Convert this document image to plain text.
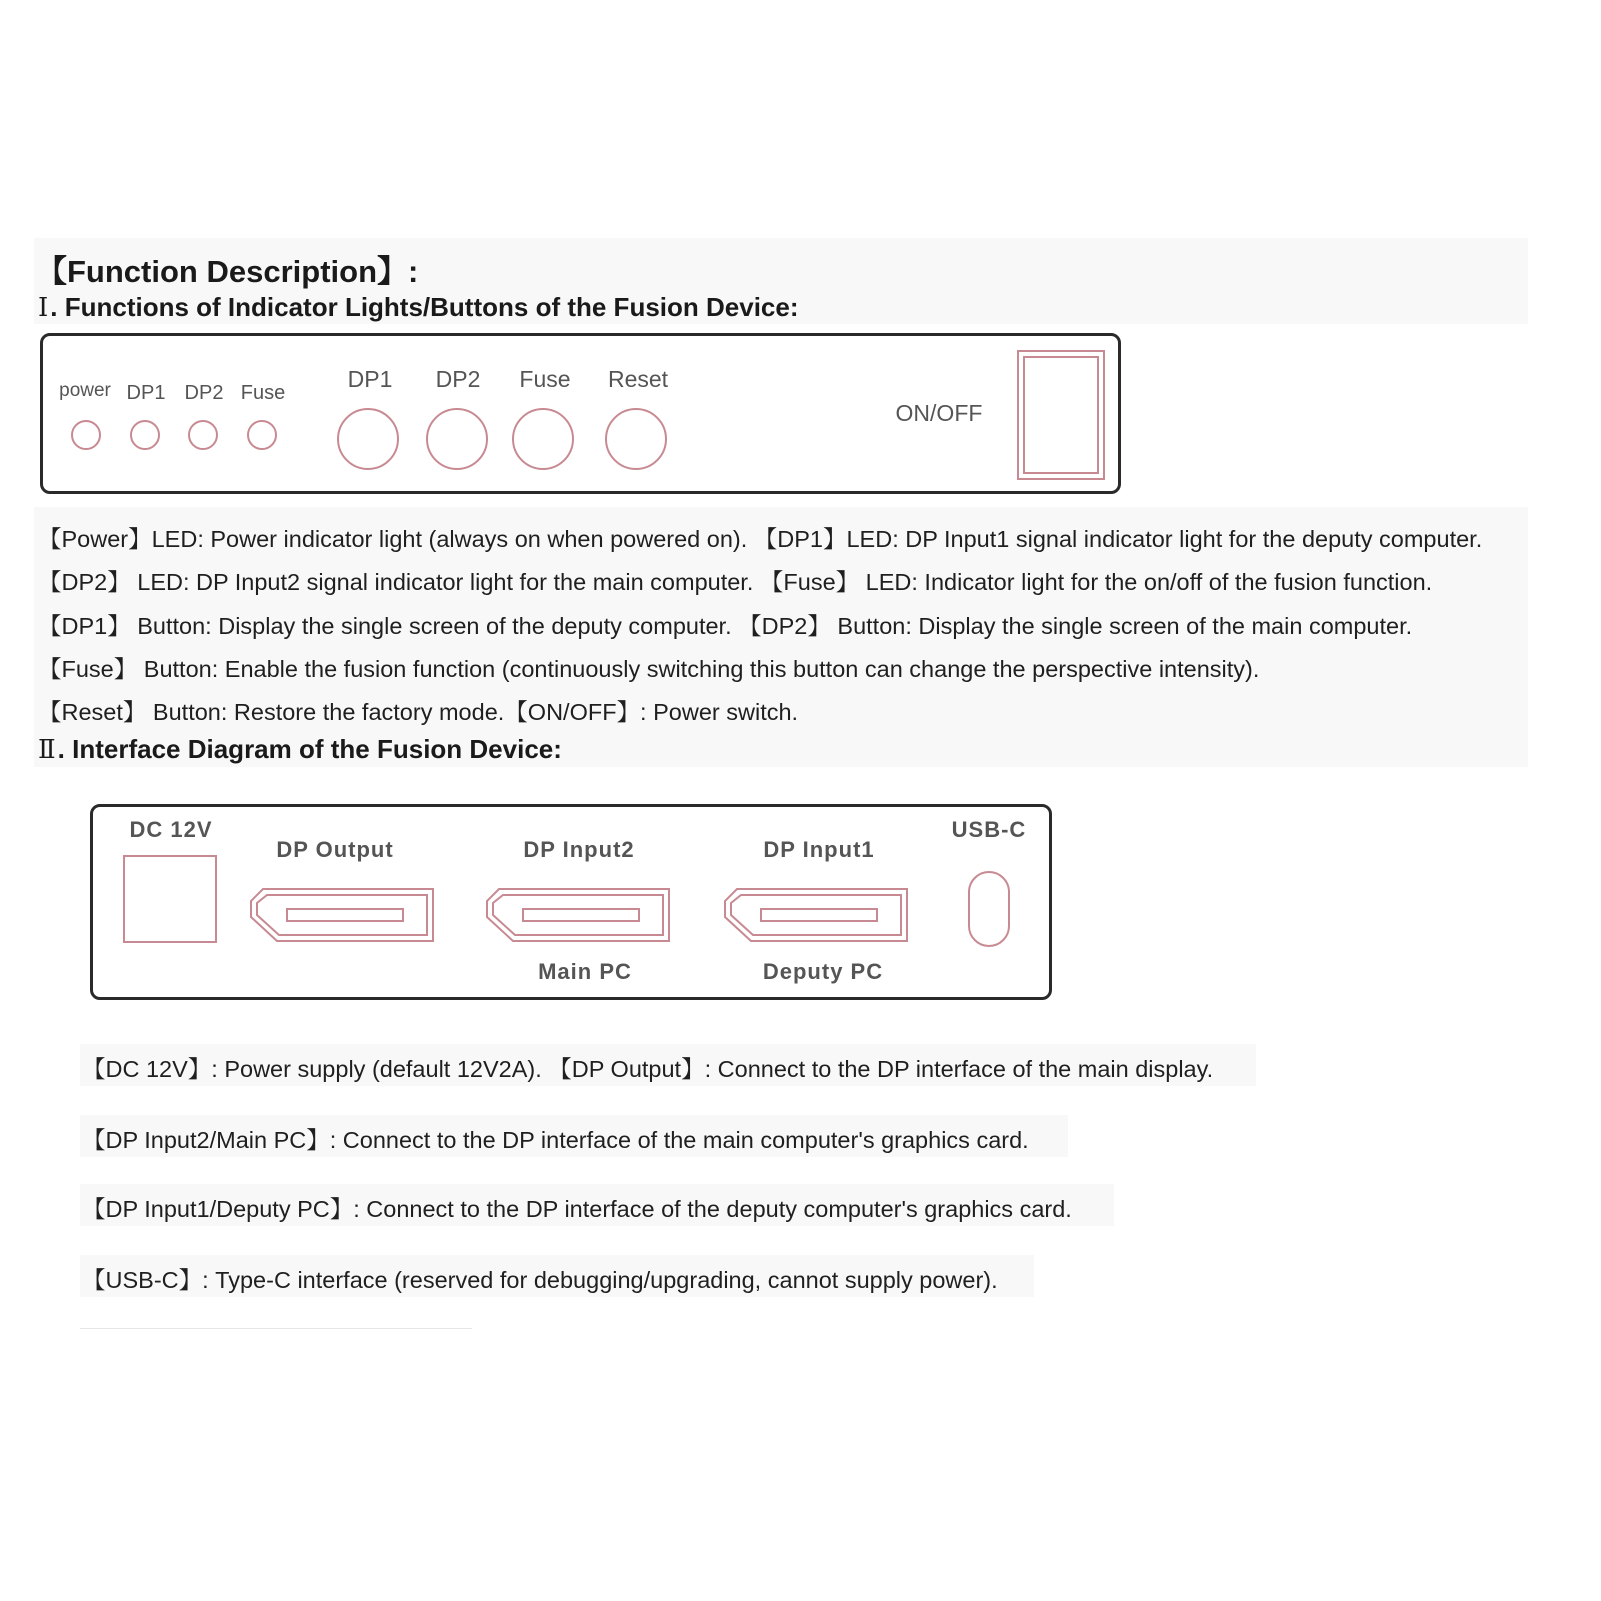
【Function Description】:
Ⅰ. Functions of Indicator Lights/Buttons of the Fusion Device:
power DP1 DP2 Fuse
DP1	DP2	Fuse	Reset
ON/OFF
【Power】LED: Power indicator light (always on when powered on). 【DP1】LED: DP Input1 signal indicator light for the deputy computer.
【DP2】 LED: DP Input2 signal indicator light for the main computer. 【Fuse】 LED: Indicator light for the on/off of the fusion function.
【DP1】 Button: Display the single screen of the deputy computer. 【DP2】 Button: Display the single screen of the main computer.
【Fuse】 Button: Enable the fusion function (continuously switching this button can change the perspective intensity).
【Reset】 Button: Restore the factory mode.【ON/OFF】: Power switch.
Ⅱ. Interface Diagram of the Fusion Device:
DC 12V
DP Output	DP Input2	DP Input1
USB-C
Main PC	Deputy PC
【DC 12V】: Power supply (default 12V2A). 【DP Output】: Connect to the DP interface of the main display.
【DP Input2/Main PC】: Connect to the DP interface of the main computer's graphics card.
【DP Input1/Deputy PC】: Connect to the DP interface of the deputy computer's graphics card.
【USB-C】: Type-C interface (reserved for debugging/upgrading, cannot supply power).
